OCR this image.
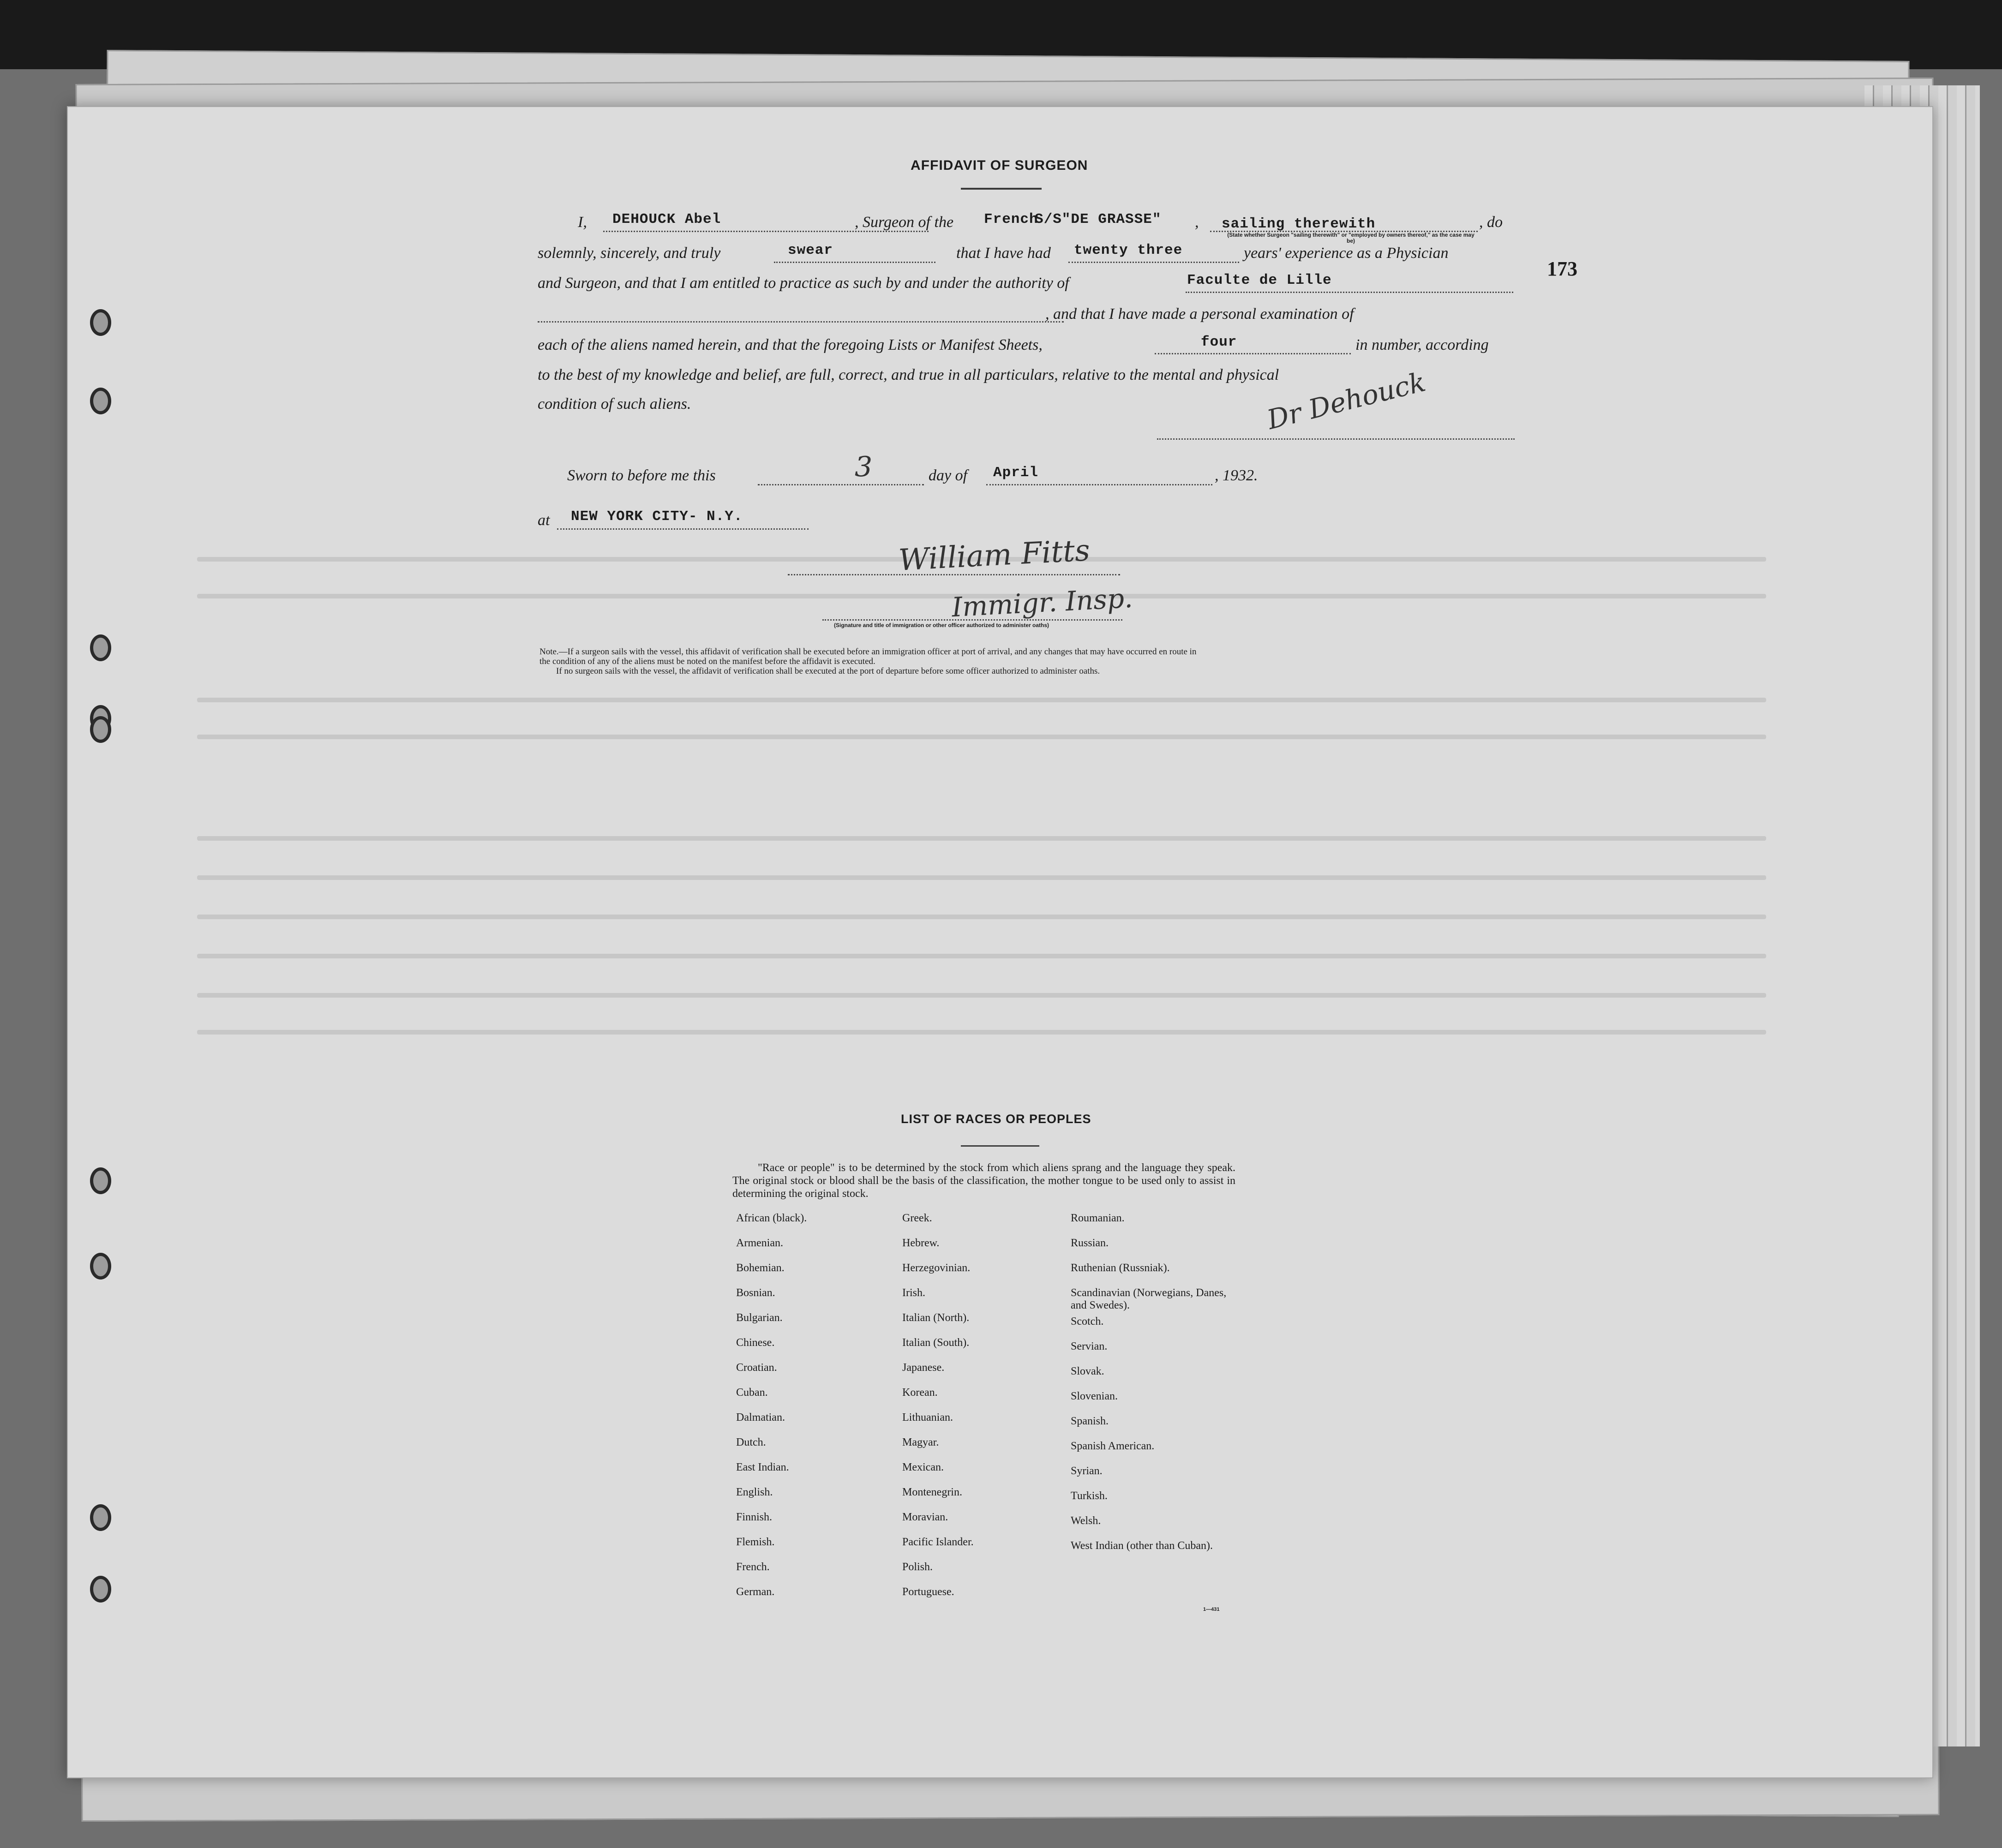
AFFIDAVIT OF SURGEON
173
I, DEHOUCK Abel	, Surgeon of the French
S/S"DE GRASSE" , sailing therewith	, do
(State whether Surgeon "sailing therewith" or "employed by owners thereof," as the case may be)
solemnly, sincerely, and truly	swear	that I have had twenty three	years' experience as a Physician
and Surgeon, and that I am entitled to practice as such by and under the authority of	Faculte de Lille
, and that I have made a personal examination of
each of the aliens named herein, and that the foregoing Lists or Manifest Sheets,	four	in number, according
to the best of my knowledge and belief, are full, correct, and true in all particulars, relative to the mental and physical
condition of such aliens.	Dr Dehouck
Sworn to before me this	3	day of April	, 1932.
at NEW YORK CITY- N.Y.
William Fitts
Immigr. Insp.
(Signature and title of immigration or other officer authorized to administer oaths)
Note.—If a surgeon sails with the vessel, this affidavit of verification shall be executed before an immigration officer at port of arrival, and any changes that may have occurred en route in
the condition of any of the aliens must be noted on the manifest before the affidavit is executed.
If no surgeon sails with the vessel, the affidavit of verification shall be executed at the port of departure before some officer authorized to administer oaths.
LIST OF RACES OR PEOPLES
"Race or people" is to be determined by the stock from which aliens sprang and the language they speak. The original stock or blood shall be the basis of the classification, the mother tongue to be used only to assist in determining the original stock.
African (black).
Armenian.
Bohemian.
Bosnian.
Bulgarian.
Chinese.
Croatian.
Cuban.
Dalmatian.
Dutch.
East Indian.
English.
Finnish.
Flemish.
French.
German.
Greek.
Hebrew.
Herzegovinian.
Irish.
Italian (North).
Italian (South).
Japanese.
Korean.
Lithuanian.
Magyar.
Mexican.
Montenegrin.
Moravian.
Pacific Islander.
Polish.
Portuguese.
Roumanian.
Russian.
Ruthenian (Russniak).
Scandinavian (Norwegians, Danes, and Swedes).
Scotch.
Servian.
Slovak.
Slovenian.
Spanish.
Spanish American.
Syrian.
Turkish.
Welsh.
West Indian (other than Cuban).
1—431
